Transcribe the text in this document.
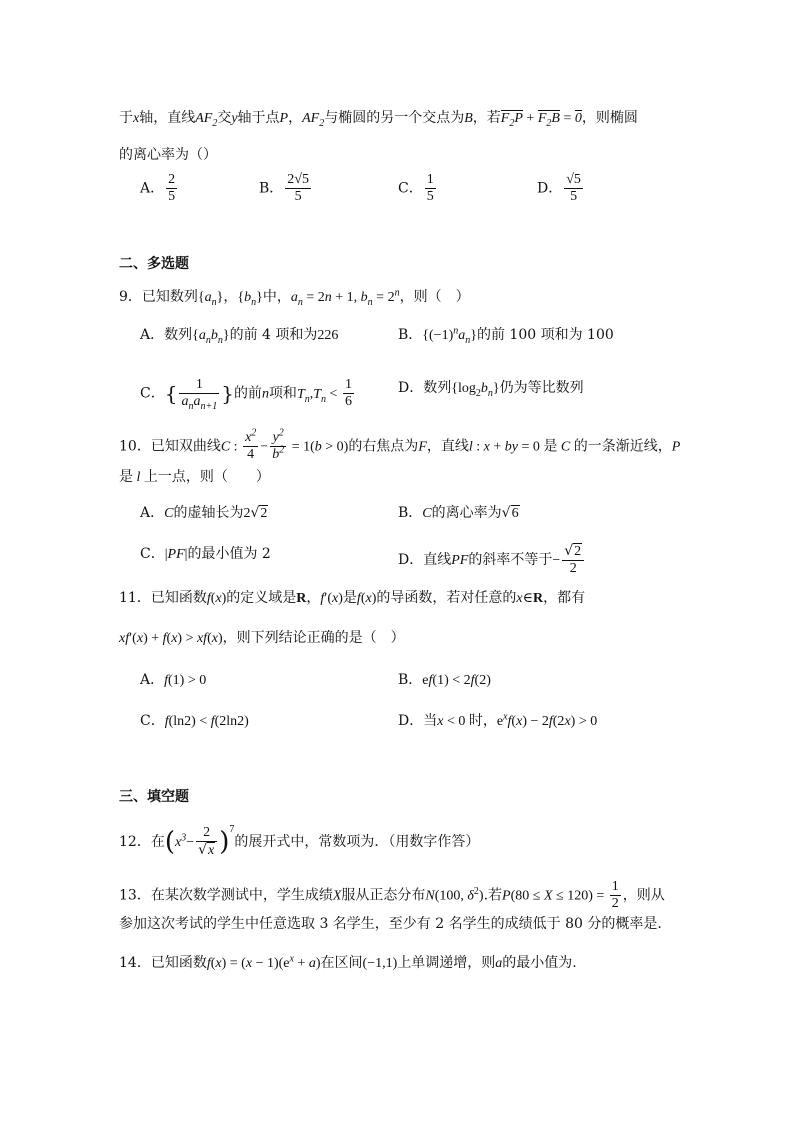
于x轴，直线$AF_2$交y轴于点P，$AF_2$与椭圆的另一个交点为B，若$F_2P + F_2B = 0$，则椭圆
的离心率为（）
A． $\frac{2}{5}$	B． $\frac{2√5}{5}$	C． $\frac{1}{5}$	D． $\frac{√5}{5}$
二、多选题
9．已知数列$\{a_n\}$，$\{b_n\}$中，$a_n = 2n + 1$, $b_n = 2^n$，则（　）
A．数列$\{a_nb_n\}$的前 4 项和为226	B．$\{(-1)^na_n\}$的前 100 项和为 100
C．{ $\frac{1}{a_na_{n+1}}$ }的前n项和$T_n,T_n < \frac{1}{6}$	D．数列$\{\log_2b_n\}$仍为等比数列
10．已知双曲线C : $\frac{x^2}{4} - \frac{y^2}{b^2} = 1(b > 0)$的右焦点为F，直线l : x + by = 0 是 C 的一条渐近线，P
是 l 上一点，则（　　）
A．C的虚轴长为2√2	B．C的离心率为√6
C．|PF|的最小值为 2	D．直线PF的斜率不等于− $\frac{√2}{2}$
11．已知函数f(x)的定义域是R，f′(x)是f(x)的导函数，若对任意的x∈R，都有
xf′(x) + f(x) > xf(x)，则下列结论正确的是（　）
A．f(1) > 0	B．ef(1) < 2f(2)
C．f(ln2) < f(2ln2)	D．当x < 0 时，$e^xf(x) - 2f(2x) > 0$
三、填空题
12．在$(x^3- \frac{2}{√x} )^7$的展开式中，常数项为．（用数字作答）
13．在某次数学测试中，学生成绩X服从正态分布N(100, $\delta^2$).若$P(80 \le X \le 120) = \frac{1}{2}$ ，则从
参加这次考试的学生中任意选取 3 名学生，至少有 2 名学生的成绩低于 80 分的概率是.
14．已知函数$f(x) = (x - 1)(e^x + a)$在区间(−1,1)上单调递增，则a的最小值为.
